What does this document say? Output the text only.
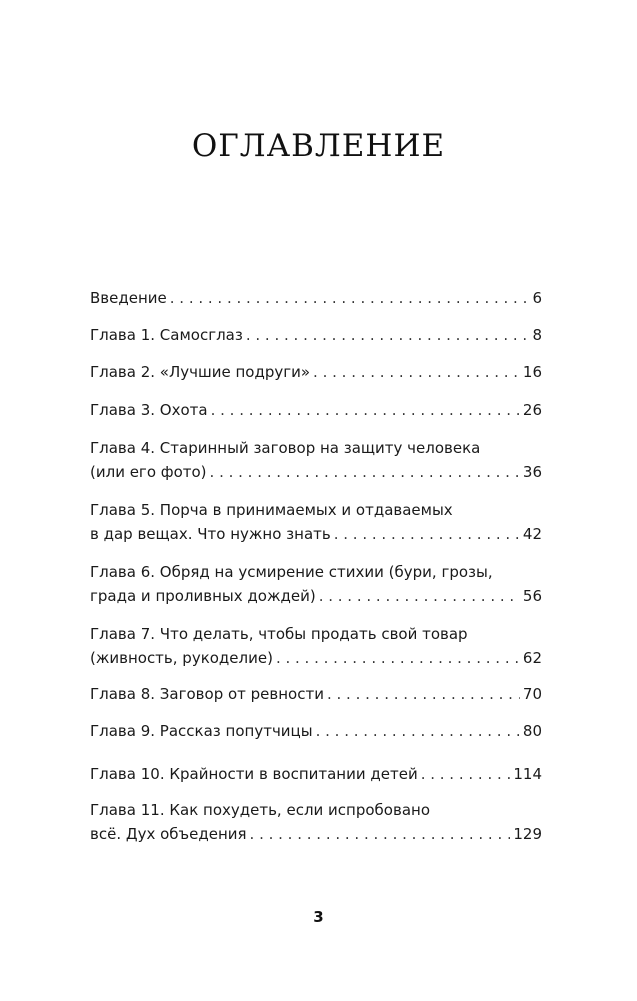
ОГЛАВЛЕНИЕ
Введение . . .	6
Глава 1. Самосглаз . . .	8
Глава 2. «Лучшие подруги» . . .	16
Глава 3. Охота . . .	26
Глава 4. Старинный заговор на защиту человека
(или его фото) . . .	36
Глава 5. Порча в принимаемых и отдаваемых
в дар вещах. Что нужно знать . . .	42
Глава 6. Обряд на усмирение стихии (бури, грозы,
града и проливных дождей) . . .	56
Глава 7. Что делать, чтобы продать свой товар
(живность, рукоделие) . . .	62
Глава 8. Заговор от ревности . . .	70
Глава 9. Рассказ попутчицы . . .	80
Глава 10. Крайности в воспитании детей . . .	114
Глава 11. Как похудеть, если испробовано
всё. Дух объедения . . .	129
3
